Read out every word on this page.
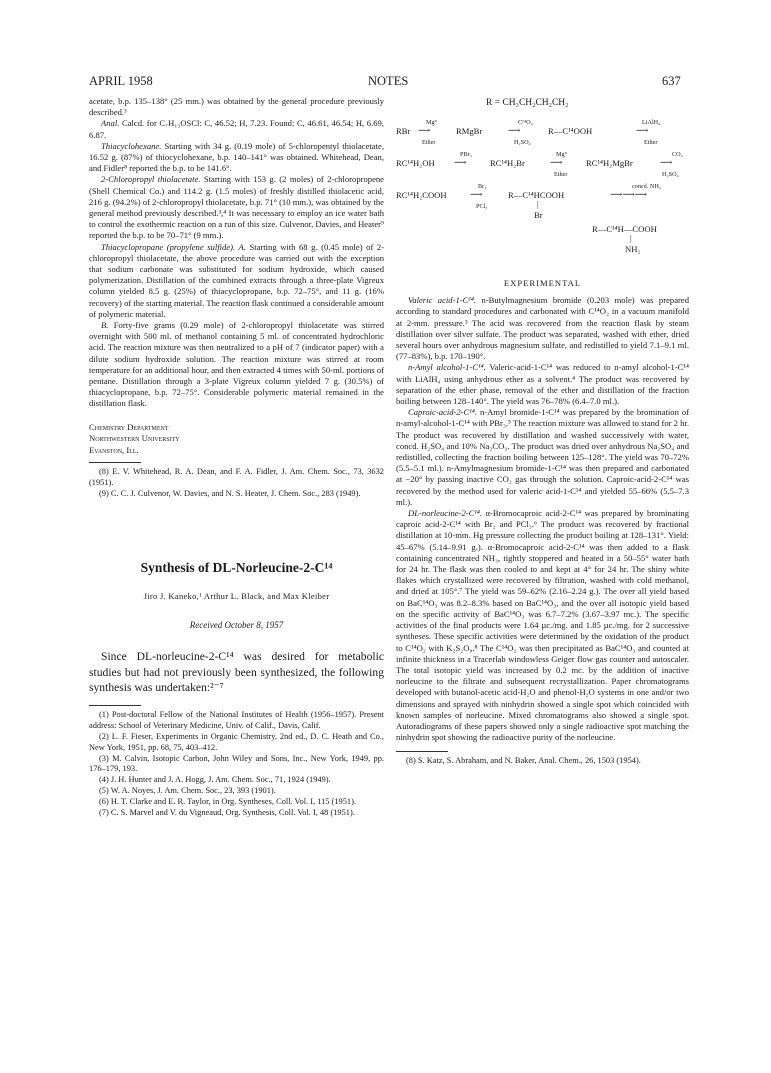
APRIL 1958	NOTES	637

acetate, b.p. 135–138° (25 mm.) was obtained by the general procedure previously described.³

Anal. Calcd. for C₇H₁₃OSCl: C, 46.52; H, 7.23. Found: C, 46.61, 46.54; H, 6.69, 6.87.

Thiacyclohexane. Starting with 34 g. (0.19 mole) of 5-chloropentyl thiolacetate, 16.52 g. (87%) of thiocyclohexane, b.p. 140–141° was obtained. Whitehead, Dean, and Fidler⁸ reported the b.p. to be 141.6°.

2-Chloropropyl thiolacetate. Starting with 153 g. (2 moles) of 2-chloropropene (Shell Chemical Co.) and 114.2 g. (1.5 moles) of freshly distilled thiolacetic acid, 216 g. (94.2%) of 2-chloropropyl thiolacetate, b.p. 71° (10 mm.), was obtained by the general method previously described.³,⁴ It was necessary to employ an ice water bath to control the exothermic reaction on a run of this size. Culvenor, Davies, and Heater⁹ reported the b.p. to be 70–71° (9 mm.).

Thiacyclopropane (propylene sulfide). A. Starting with 68 g. (0.45 mole) of 2-chloropropyl thiolacetate, the above procedure was carried out with the exception that sodium carbonate was substituted for sodium hydroxide, which caused polymerization. Distillation of the combined extracts through a three-plate Vigreux column yielded 8.5 g. (25%) of thiacyclopropane, b.p. 72–75°, and 11 g. (16% recovery) of the starting material. The reaction flask continued a considerable amount of polymeric material.

B. Forty-five grams (0.29 mole) of 2-chloropropyl thiolacetate was stirred overnight with 500 ml. of methanol containing 5 ml. of concentrated hydrochloric acid. The reaction mixture was then neutralized to a pH of 7 (indicator paper) with a dilute sodium hydroxide solution. The reaction mixture was stirred at room temperature for an additional hour, and then extracted 4 times with 50-ml. portions of pentane. Distillation through a 3-plate Vigreux column yielded 7 g. (30.5%) of thiacyclopropane, b.p. 72–75°. Considerable polymeric material remained in the distillation flask.

Chemistry Department
Northwestern University
Evanston, Ill.

(8) E. V. Whitehead, R. A. Dean, and F. A. Fidler, J. Am. Chem. Soc., 73, 3632 (1951).

(9) C. C. J. Culvenor, W. Davies, and N. S. Heater, J. Chem. Soc., 283 (1949).

Synthesis of DL-Norleucine-2-C¹⁴
Jiro J. Kaneko,¹ Arthur L. Black, and Max Kleiber
Received October 8, 1957

Since DL-norleucine-2-C¹⁴ was desired for metabolic studies but had not previously been synthesized, the following synthesis was undertaken:²⁻⁷

(1) Post-doctoral Fellow of the National Institutes of Health (1956–1957). Present address: School of Veterinary Medicine, Univ. of Calif., Davis, Calif.

(2) L. F. Fieser, Experiments in Organic Chemistry, 2nd ed., D. C. Heath and Co., New York, 1951, pp. 68, 75, 403–412.

(3) M. Calvin, Isotopic Carbon, John Wiley and Sons, Inc., New York, 1949, pp. 176–179, 193.

(4) J. H. Hunter and J. A. Hogg, J. Am. Chem. Soc., 71, 1924 (1949).

(5) W. A. Noyes, J. Am. Chem. Soc., 23, 393 (1901).

(6) H. T. Clarke and E. R. Taylor, in Org. Syntheses, Coll. Vol. I, 115 (1951).

(7) C. S. Marvel and V. du Vigneaud, Org. Synthesis, Coll. Vol. I, 48 (1951).

R = CH₃CH₂CH₂CH₂
RBr
Mg°
⟶
Ether
RMgBr
C¹⁴O₂
⟶
H₂SO₄
R—C¹⁴OOH
LiAlH₄
⟶
Ether
RC¹⁴H₂OH
PBr₃
⟶	RC¹⁴H₂Br
Mg°
⟶
Ether
RC¹⁴H₂MgBr
CO₂
⟶
H₂SO₄
RC¹⁴H₂COOH
Br₂
⟶
PCl₃
R—C¹⁴HCOOH
|
Br
concd. NH₃
⟶⟶⟶
R—C¹⁴H—COOH
|
NH₂
EXPERIMENTAL

Valeric acid-1-C¹⁴. n-Butylmagnesium bromide (0.203 mole) was prepared according to standard procedures and carbonated with C¹⁴O₂ in a vacuum manifold at 2-mm. pressure.³ The acid was recovered from the reaction flask by steam distillation over silver sulfate. The product was separated, washed with ether, dried several hours over anhydrous magnesium sulfate, and redistilled to yield 7.1–9.1 ml. (77–83%), b.p. 170–190°.

n-Amyl alcohol-1-C¹⁴. Valeric-acid-1-C¹⁴ was reduced to n-amyl alcohol-1-C¹⁴ with LiAlH₄ using anhydrous ether as a solvent.⁴ The product was recovered by separation of the ether phase, removal of the ether and distillation of the fraction boiling between 128–140°. The yield was 76–78% (6.4–7.0 ml.).

Caproic-acid-2-C¹⁴. n-Amyl bromide-1-C¹⁴ was prepared by the bromination of n-amyl-alcohol-1-C¹⁴ with PBr₃.⁵ The reaction mixture was allowed to stand for 2 hr. The product was recovered by distillation and washed successively with water, concd. H₂SO₄ and 10% Na₂CO₃. The product was dried over anhydrous Na₂SO₄ and redistilled, collecting the fraction boiling between 125–128°. The yield was 70–72% (5.5–5.1 ml.). n-Amylmagnesium bromide-1-C¹⁴ was then prepared and carbonated at −20° by passing inactive CO₂ gas through the solution. Caproic-acid-2-C¹⁴ was recovered by the method used for valeric acid-1-C¹⁴ and yielded 55–66% (5.5–7.3 ml.).

DL-norleucine-2-C¹⁴. α-Bromocaproic acid-2-C¹⁴ was prepared by brominating caproic acid-2-C¹⁴ with Br₂ and PCl₃.⁶ The product was recovered by fractional distillation at 10-mm. Hg pressure collecting the product boiling at 128–131°. Yield: 45–67% (5.14–9.91 g.). α-Bromocaproic acid-2-C¹⁴ was then added to a flask containing concentrated NH₃, tightly stoppered and heated in a 50–55° water bath for 24 hr. The flask was then cooled to and kept at 4° for 24 hr. The shiny white flakes which crystallized were recovered by filtration, washed with cold methanol, and dried at 105°.⁷ The yield was 59–62% (2.16–2.24 g.). The over all yield based on BaC¹⁴O₃ was 8.2–8.3% based on BaC¹⁴O₃, and the over all isotopic yield based on the specific activity of BaC¹⁴O₃ was 6.7–7.2% (3.67–3.97 mc.). The specific activities of the final products were 1.64 µc./mg. and 1.85 µc./mg. for 2 successive syntheses. These specific activities were determined by the oxidation of the product to C¹⁴O₂ with K₂S₂O₈.⁸ The C¹⁴O₂ was then precipitated as BaC¹⁴O₃ and counted at infinite thickness in a Tracerlab windowless Geiger flow gas counter and autoscaler. The total isotopic yield was increased by 0.2 mc. by the addition of inactive norleucine to the filtrate and subsequent recrystallization. Paper chromatograms developed with butanol-acetic acid-H₂O and phenol-H₂O systems in one and/or two dimensions and sprayed with ninhydrin showed a single spot which coincided with known samples of norleucine. Mixed chromatograms also showed a single spot. Autoradiograms of these papers showed only a single radioactive spot matching the ninhydrin spot showing the radioactive purity of the norleucine.

(8) S. Katz, S. Abraham, and N. Baker, Anal. Chem., 26, 1503 (1954).
